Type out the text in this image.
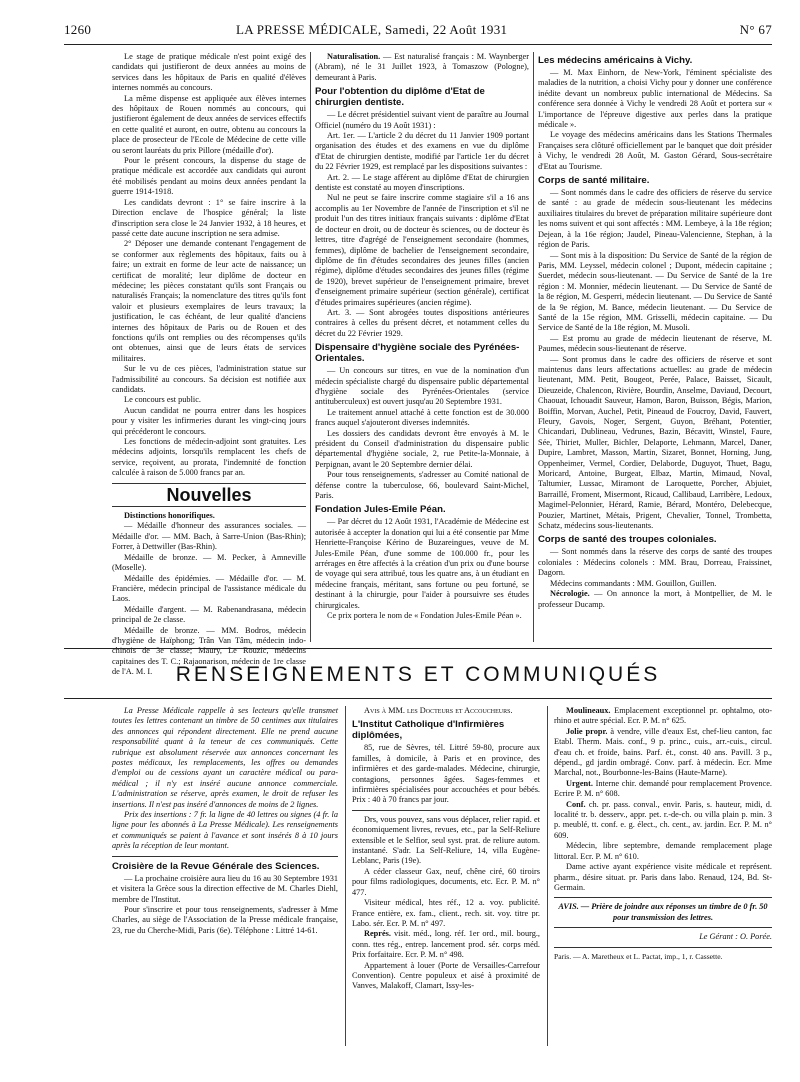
1260	LA PRESSE MÉDICALE, Samedi, 22 Août 1931	N° 67

Le stage de pratique médicale n'est point exigé des candidats qui justifieront de deux années au moins de services dans les hôpitaux de Paris en qualité d'élèves internes nommés au concours.

La même dispense est appliquée aux élèves internes des hôpitaux de Rouen nommés au concours, qui justifieront également de deux années de services effectifs en cette qualité et auront, en outre, obtenu au concours la place de prosecteur de l'Ecole de Médecine de cette ville ou seront lauréats du prix Pillore (médaille d'or).

Pour le présent concours, la dispense du stage de pratique médicale est accordée aux candidats qui auront été mobilisés pendant au moins deux années pendant la guerre 1914-1918.

Les candidats devront : 1° se faire inscrire à la Direction enclave de l'hospice général; la liste d'inscription sera close le 24 Janvier 1932, à 18 heures, et passé cette date aucune inscription ne sera admise.

2° Déposer une demande contenant l'engagement de se conformer aux règlements des hôpitaux, faits ou à faire; un extrait en forme de leur acte de naissance; un certificat de moralité; leur diplôme de docteur en médecine; les pièces constatant qu'ils sont Français ou naturalisés Français; la nomenclature des titres qu'ils font valoir et plusieurs exemplaires de leurs travaux; la justification, le cas échéant, de leur qualité d'anciens internes des hôpitaux de Paris ou de Rouen et des fonctions qu'ils ont remplies ou des récompenses qu'ils ont obtenues, ainsi que de leurs états de services militaires.

Sur le vu de ces pièces, l'administration statue sur l'admissibilité au concours. Sa décision est notifiée aux candidats.

Le concours est public.

Aucun candidat ne pourra entrer dans les hospices pour y visiter les infirmeries durant les vingt-cinq jours qui précéderont le concours.

Les fonctions de médecin-adjoint sont gratuites. Les médecins adjoints, lorsqu'ils remplacent les chefs de service, reçoivent, au prorata, l'indemnité de fonction calculée à raison de 5.000 francs par an.

Nouvelles

Distinctions honorifiques.

— Médaille d'honneur des assurances sociales. — Médaille d'or. — MM. Bach, à Sarre-Union (Bas-Rhin); Forrer, à Dettwiller (Bas-Rhin).

Médaille de bronze. — M. Pecker, à Amneville (Moselle).

Médaille des épidémies. — Médaille d'or. — M. Francière, médecin principal de l'assistance médicale du Laos.

Médaille d'argent. — M. Rabenandrasana, médecin principal de 2e classe.

Médaille de bronze. — MM. Bodros, médecin d'hygiène de Haïphong; Trân Van Tâm, médecin indo-chinois de 3e classe; Maury, Le Rouzic, médecins capitaines des T. C.; Rajaonarison, médecin de 1re classe de l'A. M. I.

Naturalisation. — Est naturalisé français : M. Waynberger (Abram), né le 31 Juillet 1923, à Tomaszow (Pologne), demeurant à Paris.

Pour l'obtention du diplôme d'Etat de chirurgien dentiste.

— Le décret présidentiel suivant vient de paraître au Journal Officiel (numéro du 19 Août 1931) :

Art. 1er. — L'article 2 du décret du 11 Janvier 1909 portant organisation des études et des examens en vue du diplôme d'Etat de chirurgien dentiste, modifié par l'article 1er du décret du 22 Février 1929, est remplacé par les dispositions suivantes :

Art. 2. — Le stage afférent au diplôme d'Etat de chirurgien dentiste est constaté au moyen d'inscriptions.

Nul ne peut se faire inscrire comme stagiaire s'il a 16 ans accomplis au 1er Novembre de l'année de l'inscription et s'il ne produit l'un des titres initiaux français suivants : diplôme d'Etat de docteur en droit, ou de docteur ès sciences, ou de docteur ès lettres, titre d'agrégé de l'enseignement secondaire (hommes, femmes), diplôme de bachelier de l'enseignement secondaire, diplôme de fin d'études secondaires des jeunes filles (ancien régime), diplôme d'études secondaires des jeunes filles (régime de 1920), brevet supérieur de l'enseignement primaire, brevet d'enseignement primaire supérieur (section générale), certificat d'études primaires supérieures (ancien régime).

Art. 3. — Sont abrogées toutes dispositions antérieures contraires à celles du présent décret, et notamment celles du décret du 22 Février 1929.

Dispensaire d'hygiène sociale des Pyrénées-Orientales.

— Un concours sur titres, en vue de la nomination d'un médecin spécialiste chargé du dispensaire public départemental d'hygiène sociale des Pyrénées-Orientales (service antituberculeux) est ouvert jusqu'au 20 Septembre 1931.

Le traitement annuel attaché à cette fonction est de 30.000 francs auquel s'ajouteront diverses indemnités.

Les dossiers des candidats devront être envoyés à M. le président du Conseil d'administration du dispensaire public départemental d'hygiène sociale, 2, rue Petite-la-Monnaie, à Perpignan, avant le 20 Septembre dernier délai.

Pour tous renseignements, s'adresser au Comité national de défense contre la tuberculose, 66, boulevard Saint-Michel, Paris.

Fondation Jules-Emile Péan.

— Par décret du 12 Août 1931, l'Académie de Médecine est autorisée à accepter la donation qui lui a été consentie par Mme Henriette-Françoise Kérino de Buzareingues, veuve de M. Jules-Emile Péan, d'une somme de 100.000 fr., pour les arrérages en être affectés à la création d'un prix ou d'une bourse de voyage qui sera attribué, tous les quatre ans, à un étudiant en médecine français, méritant, sans fortune ou peu fortuné, se destinant à la chirurgie, pour l'aider à poursuivre ses études chirurgicales.

Ce prix portera le nom de « Fondation Jules-Emile Péan ».

Les médecins américains à Vichy.

— M. Max Einhorn, de New-York, l'éminent spécialiste des maladies de la nutrition, a choisi Vichy pour y donner une conférence inédite devant un nombreux public international de Médecins. Sa conférence sera donnée à Vichy le vendredi 28 Août et portera sur « L'importance de l'épreuve digestive aux perles dans la pratique médicale ».

Le voyage des médecins américains dans les Stations Thermales Françaises sera clôturé officiellement par le banquet que doit présider à Vichy, le vendredi 28 Août, M. Gaston Gérard, Sous-secrétaire d'Etat au Tourisme.

Corps de santé militaire.

— Sont nommés dans le cadre des officiers de réserve du service de santé : au grade de médecin sous-lieutenant les médecins auxiliaires titulaires du brevet de préparation militaire supérieure dont les noms suivent et qui sont affectés : MM. Lembeye, à la 18e région; Dejean, à la 16e région; Jaudel, Pineau-Valencienne, Stephan, à la région de Paris.

— Sont mis à la disposition: Du Service de Santé de la région de Paris, MM. Leyssel, médecin colonel ; Dupont, médecin capitaine ; Suerdet, médecin sous-lieutenant. — Du Service de Santé de la 1re région : M. Monnier, médecin lieutenant. — Du Service de Santé de la 8e région, M. Gesperri, médecin lieutenant. — Du Service de Santé de la 9e région, M. Bance, médecin lieutenant. — Du Service de Santé de la 15e région, MM. Grisselli, médecin capitaine. — Du Service de Santé de la 18e région, M. Musoli.

— Est promu au grade de médecin lieutenant de réserve, M. Paumes, médecin sous-lieutenant de réserve.

— Sont promus dans le cadre des officiers de réserve et sont maintenus dans leurs affectations actuelles: au grade de médecin lieutenant, MM. Petit, Bougeot, Perée, Palace, Baisset, Sicault, Dieuzeide, Chalencon, Rivière, Bourdin, Anselme, Daviaud, Decourt, Chaouat, Ichouadit Sauveur, Hamon, Baron, Buisson, Bégis, Marion, Boiffin, Morvan, Auchel, Petit, Pineaud de Foucroy, David, Fauvert, Fleury, Gavois, Noger, Sergent, Guyon, Bréhant, Potentier, Chicandari, Dublineau, Vedrunes, Bazin, Bécavitt, Winstel, Faure, Sée, Thiriet, Muller, Bichler, Delaporte, Lehmann, Marcel, Daner, Dupire, Lambret, Masson, Martin, Sizaret, Bonnet, Horning, Jung, Oppenheimer, Vermel, Cordier, Delaborde, Duguyot, Thuet, Bagu, Moricard, Antoine, Burgeat, Elbaz, Martin, Mimaud, Noval, Taltumier, Lussac, Miramont de Laroquette, Porcher, Abjuiet, Barraillé, Froment, Misermont, Ricaud, Callibaud, Larribère, Ledoux, Magimel-Pelonnier, Hérard, Ramie, Bérard, Montéro, Delebecque, Pouzier, Martinet, Métais, Prigent, Chevalier, Tonnel, Trombetta, Schatz, médecins sous-lieutenants.

Corps de santé des troupes coloniales.

— Sont nommés dans la réserve des corps de santé des troupes coloniales : Médecins colonels : MM. Brau, Dorreau, Fraissinet, Dagorn.

Médecins commandants : MM. Gouillon, Guillen.

Nécrologie. — On annonce la mort, à Montpellier, de M. le professeur Ducamp.

RENSEIGNEMENTS ET COMMUNIQUÉS

La Presse Médicale rappelle à ses lecteurs qu'elle transmet toutes les lettres contenant un timbre de 50 centimes aux titulaires des annonces qui répondent directement. Elle ne prend aucune responsabilité quant à la teneur de ces communiqués. Cette rubrique est absolument réservée aux annonces concernant les postes médicaux, les remplacements, les offres ou demandes d'emploi ou de cessions ayant un caractère médical ou para-médical ; il n'y est inséré aucune annonce commerciale. L'administration se réserve, après examen, le droit de refuser les insertions. Il n'est pas inséré d'annonces de moins de 2 lignes.

Prix des insertions : 7 fr. la ligne de 40 lettres ou signes (4 fr. la ligne pour les abonnés à La Presse Médicale). Les renseignements et communiqués se paient à l'avance et sont insérés 8 à 10 jours après la réception de leur montant.

Croisière de la Revue Générale des Sciences.

— La prochaine croisière aura lieu du 16 au 30 Septembre 1931 et visitera la Grèce sous la direction effective de M. Charles Diehl, membre de l'Institut.

Pour s'inscrire et pour tous renseignements, s'adresser à Mme Charles, au siège de l'Association de la Presse médicale française, 23, rue du Cherche-Midi, Paris (6e). Téléphone : Littré 14-61.

Avis à MM. les Docteurs et Accoucheurs.

L'Institut Catholique d'Infirmières diplômées,

85, rue de Sèvres, tél. Littré 59-80, procure aux familles, à domicile, à Paris et en province, des infirmières et des garde-malades. Médecine, chirurgie, contagions, personnes âgées. Sages-femmes et infirmières spécialisées pour accouchées et pour bébés. Prix : 40 à 70 francs par jour.

Drs, vous pouvez, sans vous déplacer, relier rapid. et économiquement livres, revues, etc., par la Self-Reliure extensible et le Selfior, seul syst. prat. de reliure autom. instantané. S'adr. La Self-Reliure, 14, villa Eugène-Leblanc, Paris (19e).

A céder classeur Gax, neuf, chêne ciré, 60 tiroirs pour films radiologiques, documents, etc. Ecr. P. M. n° 477.

Visiteur médical, htes réf., 12 a. voy. publicité. France entière, ex. fam., client., rech. sit. voy. titre pr. Labo. sér. Ecr. P. M. n° 497.

Représ. visit. méd., long. réf. 1er ord., mil. bourg., conn. ttes rég., entrep. lancement prod. sér. corps méd. Prix forfaitaire. Ecr. P. M. n° 498.

Appartement à louer (Porte de Versailles-Carrefour Convention). Centre populeux et aisé à proximité de Vanves, Malakoff, Clamart, Issy-les-

Moulineaux. Emplacement exceptionnel pr. ophtalmo, oto-rhino et autre spécial. Ecr. P. M. n° 625.

Jolie propr. à vendre, ville d'eaux Est, chef-lieu canton, fac Etabl. Therm. Mais. conf., 9 p. princ., cuis., arr.-cuis., circul. d'eau ch. et froide, bains. Parf. ét., const. 40 ans. Pavill. 3 p., dépend., gd jardin ombragé. Conv. parf. à médecin. Ecr. Mme Marchal, not., Bourbonne-les-Bains (Haute-Marne).

Urgent. Interne chir. demandé pour remplacement Provence. Ecrire P. M. n° 608.

Conf. ch. pr. pass. conval., envir. Paris, s. hauteur, midi, d. localité tr. b. desserv., appr. pet. r.-de-ch. ou villa plain p. min. 3 p. meublé, tt. conf. e. g. élect., ch. cent., av. jardin. Ecr. P. M. n° 609.

Médecin, libre septembre, demande remplacement plage littoral. Ecr. P. M. n° 610.

Dame active ayant expérience visite médicale et représent. pharm., désire situat. pr. Paris dans labo. Renaud, 124, Bd. St-Germain.

AVIS. — Prière de joindre aux réponses un timbre de 0 fr. 50 pour transmission des lettres.

Le Gérant : O. Porée.

Paris. — A. Maretheux et L. Pactat, imp., 1, r. Cassette.
